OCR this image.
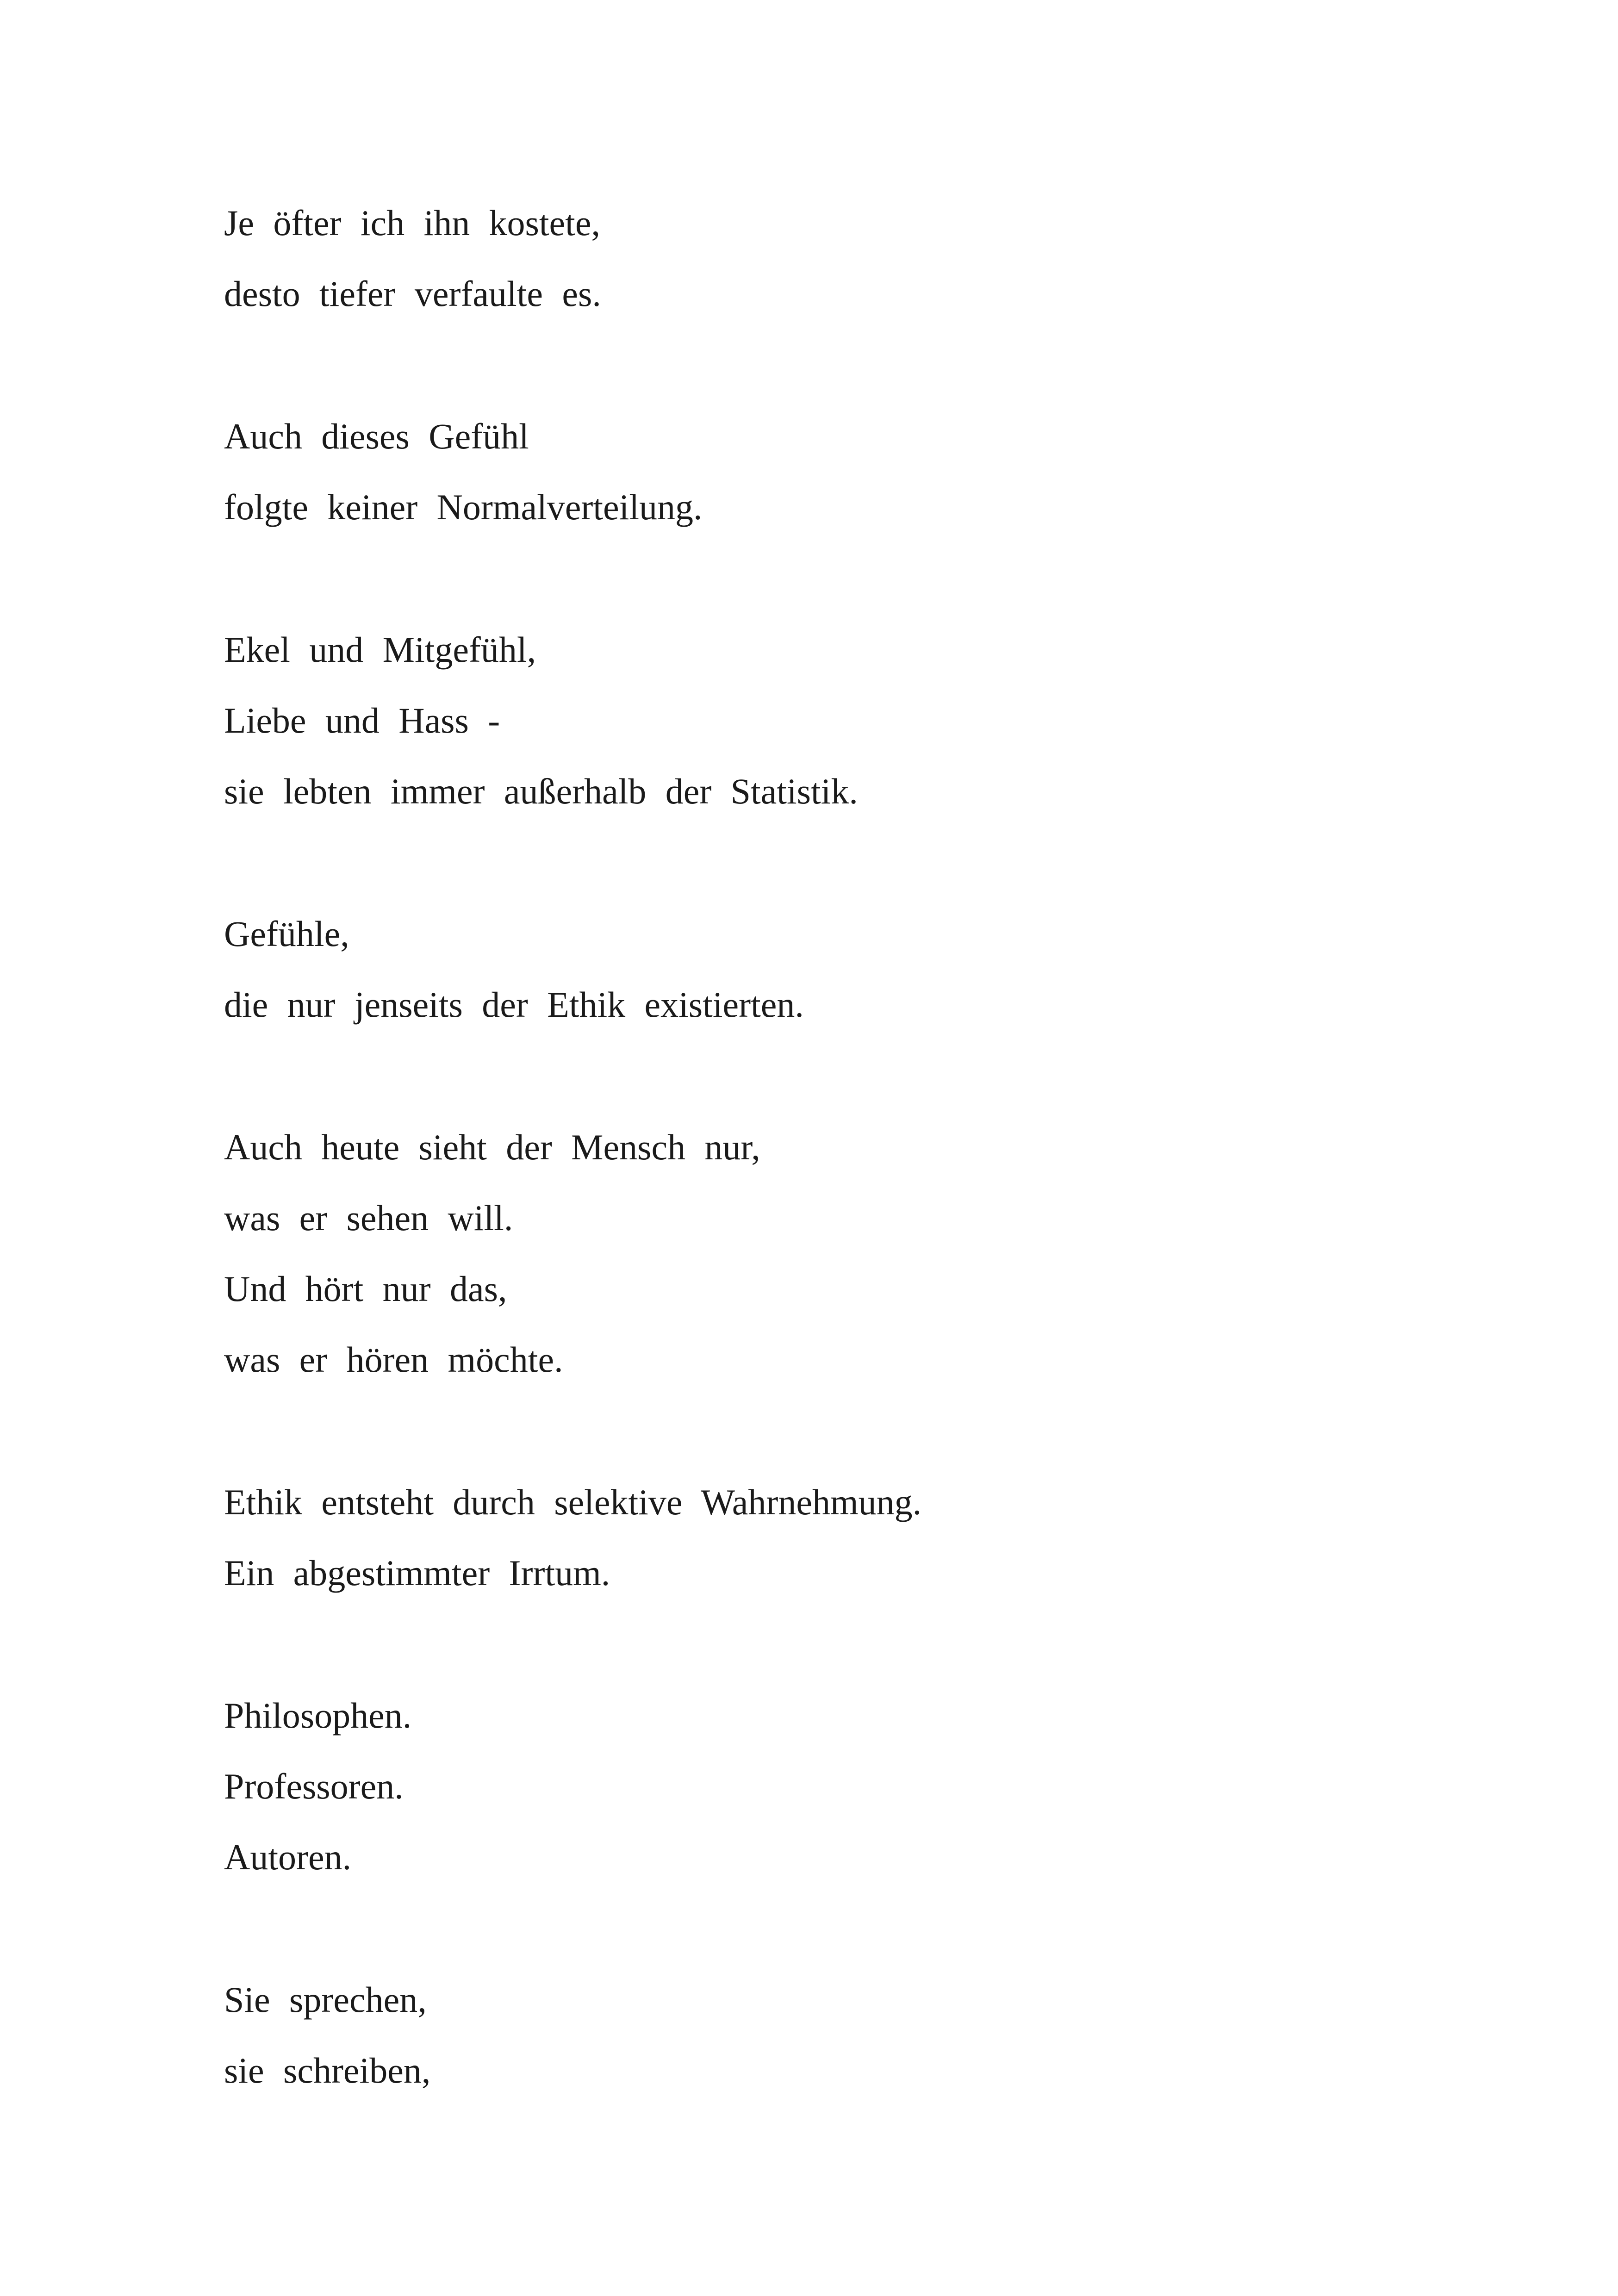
Je öfter ich ihn kostete,
desto tiefer verfaulte es.
Auch dieses Gefühl
folgte keiner Normalverteilung.
Ekel und Mitgefühl,
Liebe und Hass -
sie lebten immer außerhalb der Statistik.
Gefühle,
die nur jenseits der Ethik existierten.
Auch heute sieht der Mensch nur,
was er sehen will.
Und hört nur das,
was er hören möchte.
Ethik entsteht durch selektive Wahrnehmung.
Ein abgestimmter Irrtum.
Philosophen.
Professoren.
Autoren.
Sie sprechen,
sie schreiben,
